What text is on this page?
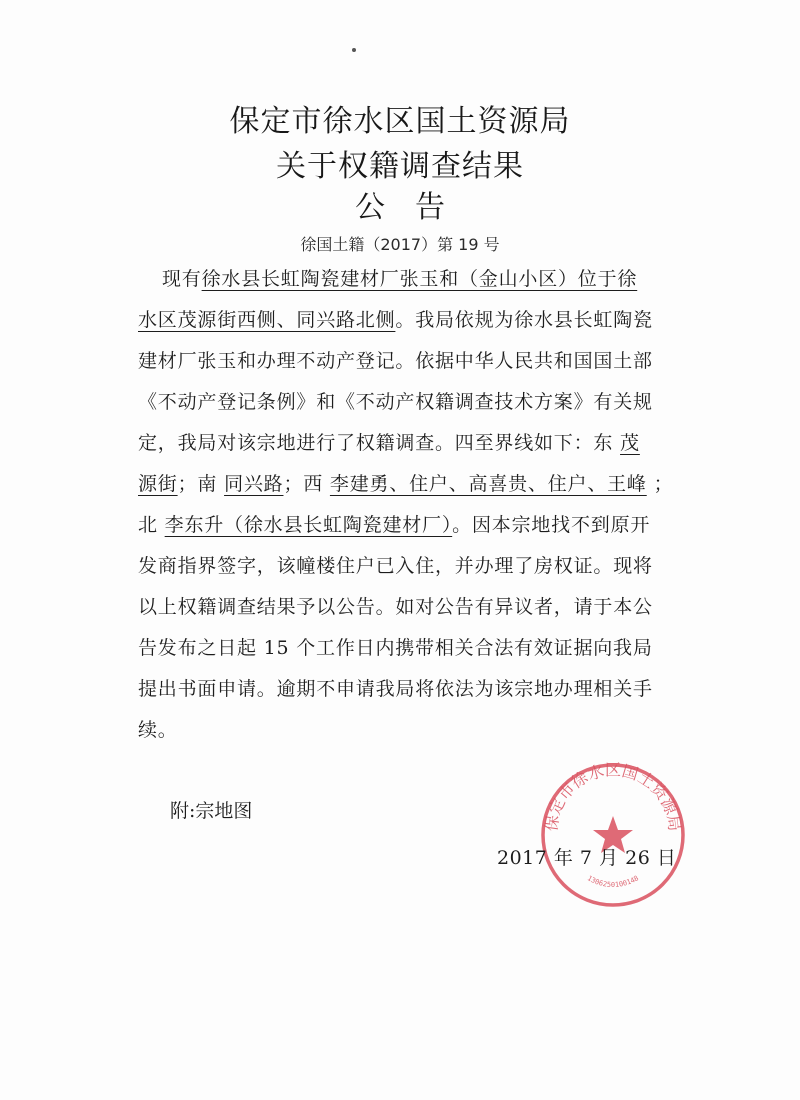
保定市徐水区国土资源局
关于权籍调查结果
公告
徐国土籍（2017）第 19 号
现有徐水县长虹陶瓷建材厂张玉和（金山小区）位于徐
水区茂源街西侧、同兴路北侧。我局依规为徐水县长虹陶瓷
建材厂张玉和办理不动产登记。依据中华人民共和国国土部
《不动产登记条例》和《不动产权籍调查技术方案》有关规
定，我局对该宗地进行了权籍调查。四至界线如下：东 茂
源街；南 同兴路；西 李建勇、住户、高喜贵、住户、王峰 ；
北 李东升（徐水县长虹陶瓷建材厂）。因本宗地找不到原开
发商指界签字，该幢楼住户已入住，并办理了房权证。现将
以上权籍调查结果予以公告。如对公告有异议者，请于本公
告发布之日起 15 个工作日内携带相关合法有效证据向我局
提出书面申请。逾期不申请我局将依法为该宗地办理相关手
续。
附:宗地图
保定市徐水区国土资源局
1306250100148
2017 年 7 月 26 日
